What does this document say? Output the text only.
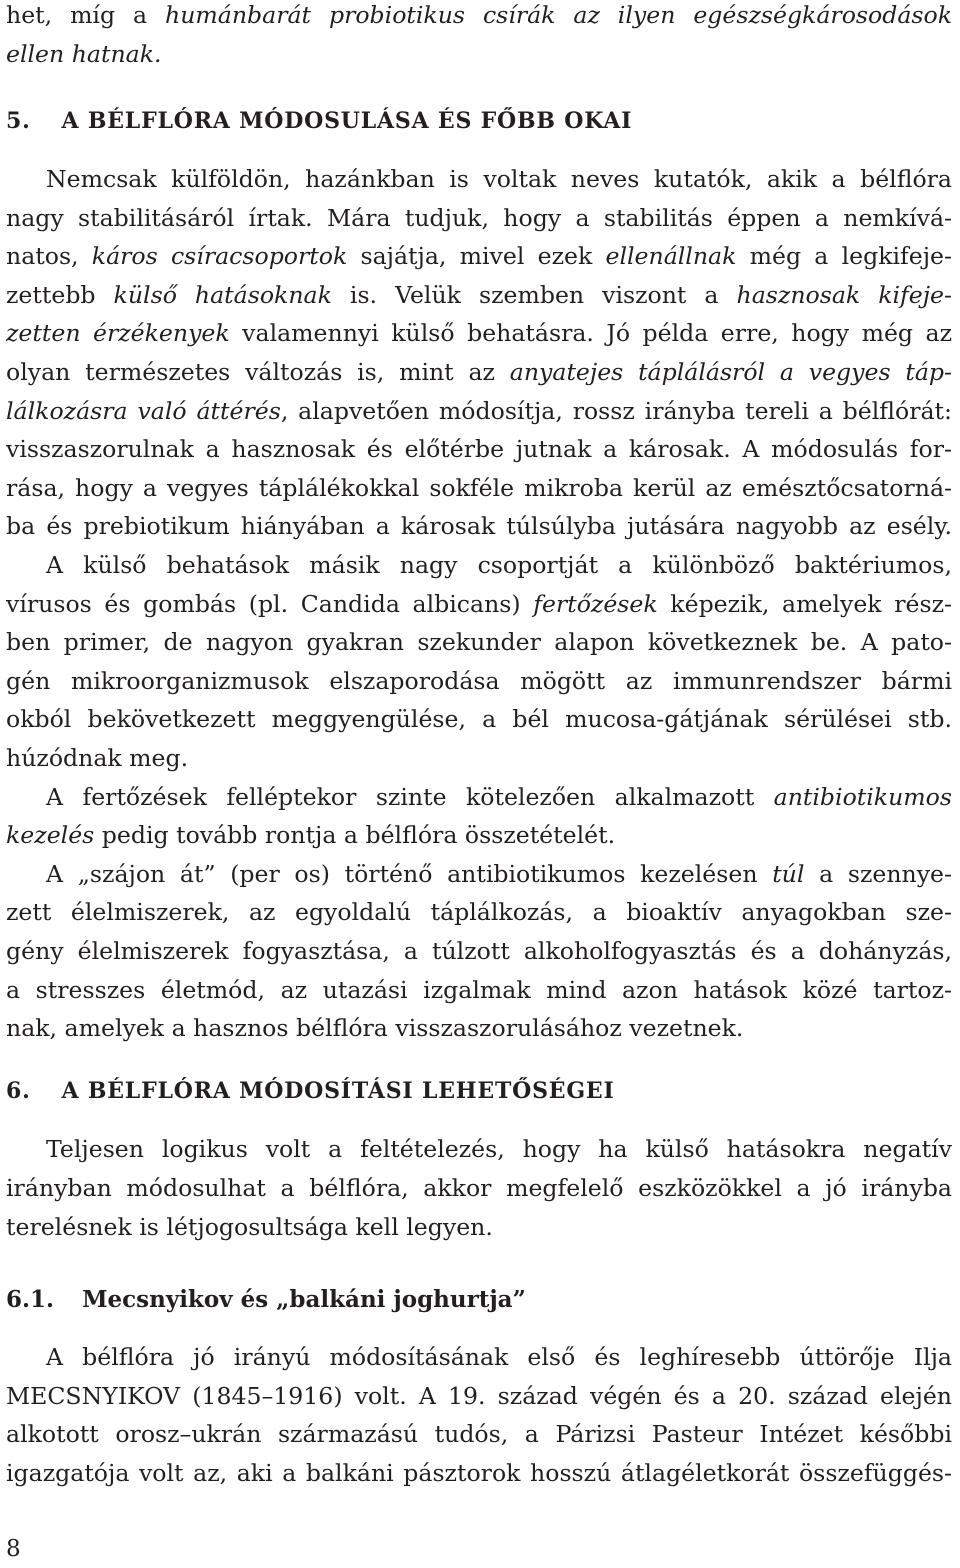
het, míg a humánbarát probiotikus csírák az ilyen egészségkárosodások
ellen hatnak.
5. A BÉLFLÓRA MÓDOSULÁSA ÉS FŐBB OKAI
Nemcsak külföldön, hazánkban is voltak neves kutatók, akik a bélflóra
nagy stabilitásáról írtak. Mára tudjuk, hogy a stabilitás éppen a nemkívá-
natos, káros csíracsoportok sajátja, mivel ezek ellenállnak még a legkifeje-
zettebb külső hatásoknak is. Velük szemben viszont a hasznosak kifeje-
zetten érzékenyek valamennyi külső behatásra. Jó példa erre, hogy még az
olyan természetes változás is, mint az anyatejes táplálásról a vegyes táp-
lálkozásra való áttérés, alapvetően módosítja, rossz irányba tereli a bélflórát:
visszaszorulnak a hasznosak és előtérbe jutnak a károsak. A módosulás for-
rása, hogy a vegyes táplálékokkal sokféle mikroba kerül az emésztőcsatorná-
ba és prebiotikum hiányában a károsak túlsúlyba jutására nagyobb az esély.
A külső behatások másik nagy csoportját a különböző baktériumos,
vírusos és gombás (pl. Candida albicans) fertőzések képezik, amelyek rész-
ben primer, de nagyon gyakran szekunder alapon következnek be. A pato-
gén mikroorganizmusok elszaporodása mögött az immunrendszer bármi
okból bekövetkezett meggyengülése, a bél mucosa-gátjának sérülései stb.
húzódnak meg.
A fertőzések felléptekor szinte kötelezően alkalmazott antibiotikumos
kezelés pedig tovább rontja a bélflóra összetételét.
A „szájon át” (per os) történő antibiotikumos kezelésen túl a szennye-
zett élelmiszerek, az egyoldalú táplálkozás, a bioaktív anyagokban sze-
gény élelmiszerek fogyasztása, a túlzott alkoholfogyasztás és a dohányzás,
a stresszes életmód, az utazási izgalmak mind azon hatások közé tartoz-
nak, amelyek a hasznos bélflóra visszaszorulásához vezetnek.
6. A BÉLFLÓRA MÓDOSÍTÁSI LEHETŐSÉGEI
Teljesen logikus volt a feltételezés, hogy ha külső hatásokra negatív
irányban módosulhat a bélflóra, akkor megfelelő eszközökkel a jó irányba
terelésnek is létjogosultsága kell legyen.
6.1. Mecsnyikov és „balkáni joghurtja”
A bélflóra jó irányú módosításának első és leghíresebb úttörője Ilja
MECSNYIKOV (1845–1916) volt. A 19. század végén és a 20. század elején
alkotott orosz–ukrán származású tudós, a Párizsi Pasteur Intézet későbbi
igazgatója volt az, aki a balkáni pásztorok hosszú átlagéletkorát összefüggés-
8
